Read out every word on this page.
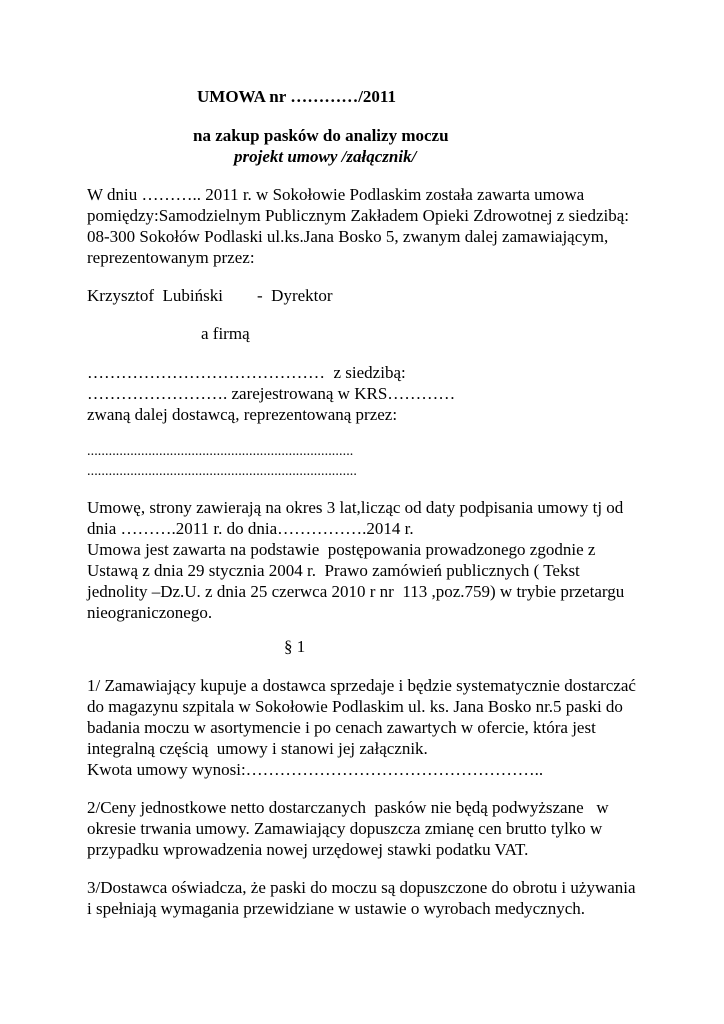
UMOWA nr …………/2011
na zakup pasków do analizy moczu
projekt umowy /załącznik/
W dniu ……….. 2011 r. w Sokołowie Podlaskim została zawarta umowa
pomiędzy:Samodzielnym Publicznym Zakładem Opieki Zdrowotnej z siedzibą:
08-300 Sokołów Podlaski ul.ks.Jana Bosko 5, zwanym dalej zamawiającym,
reprezentowanym przez:
Krzysztof  Lubiński -  Dyrektor
a firmą
……………………………………  z siedzibą:
……………………. zarejestrowaną w KRS…………
zwaną dalej dostawcą, reprezentowaną przez:
..........................................................................
...........................................................................
Umowę, strony zawierają na okres 3 lat,licząc od daty podpisania umowy tj od
dnia ……….2011 r. do dnia…………….2014 r.
Umowa jest zawarta na podstawie  postępowania prowadzonego zgodnie z
Ustawą z dnia 29 stycznia 2004 r.  Prawo zamówień publicznych ( Tekst
jednolity –Dz.U. z dnia 25 czerwca 2010 r nr  113 ,poz.759) w trybie przetargu
nieograniczonego.
§ 1
1/ Zamawiający kupuje a dostawca sprzedaje i będzie systematycznie dostarczać
do magazynu szpitala w Sokołowie Podlaskim ul. ks. Jana Bosko nr.5 paski do
badania moczu w asortymencie i po cenach zawartych w ofercie, która jest
integralną częścią  umowy i stanowi jej załącznik.
Kwota umowy wynosi:……………………………………………..
2/Ceny jednostkowe netto dostarczanych  pasków nie będą podwyższane   w
okresie trwania umowy. Zamawiający dopuszcza zmianę cen brutto tylko w
przypadku wprowadzenia nowej urzędowej stawki podatku VAT.
3/Dostawca oświadcza, że paski do moczu są dopuszczone do obrotu i używania
i spełniają wymagania przewidziane w ustawie o wyrobach medycznych.
